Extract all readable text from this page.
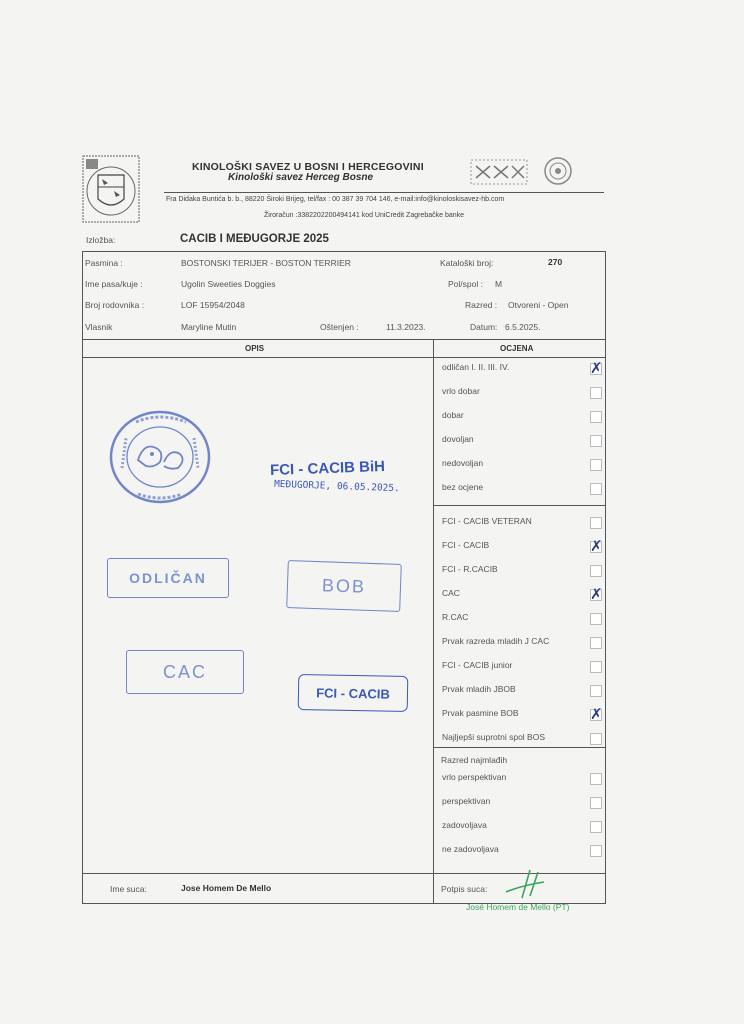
KINOLOŠKI SAVEZ U BOSNI I HERCEGOVINI
Kinološki savez Herceg Bosne
Fra Didaka Buntića b. b., 88220 Široki Brijeg, tel/fax : 00 387 39 704 146, e-mail:info@kinoloskisavez-hb.com
Žiroračun :3382202200494141 kod UniCredit Zagrebačke banke
Izložba:	CACIB I MEĐUGORJE 2025
Pasmina :	BOSTONSKI TERIJER - BOSTON TERRIER	Kataloški broj:	270
Ime pasa/kuje :	Ugolin Sweeties Doggies	Pol/spol : M
Broj rodovnika :	LOF 15954/2048	Razred : Otvoreni - Open
Vlasnik	Maryline Mutin	Oštenjen :	11.3.2023.	Datum: 6.5.2025.
OPIS	OCJENA
odličan I. II. III. IV.	✗
vrlo dobar
dobar
dovoljan
nedovoljan
bez ocjene
FCI - CACIB VETERAN
FCI - CACIB	✗
FCI - R.CACIB
CAC	✗
R.CAC
Prvak razreda mladih J CAC
FCI - CACIB junior
Prvak mladih JBOB
Prvak pasmine BOB	✗
Najljepši suprotni spol BOS
Razred najmlađih
vrlo perspektivan
perspektivan
zadovoljava
ne zadovoljava
Ime suca:	Jose Homem De Mello	Potpis suca:
José Homem de Mello (PT)
FCI - CACIB BiH
MEĐUGORJE, 06.05.2025.
ODLIČAN	BOB
CAC
FCI - CACIB
